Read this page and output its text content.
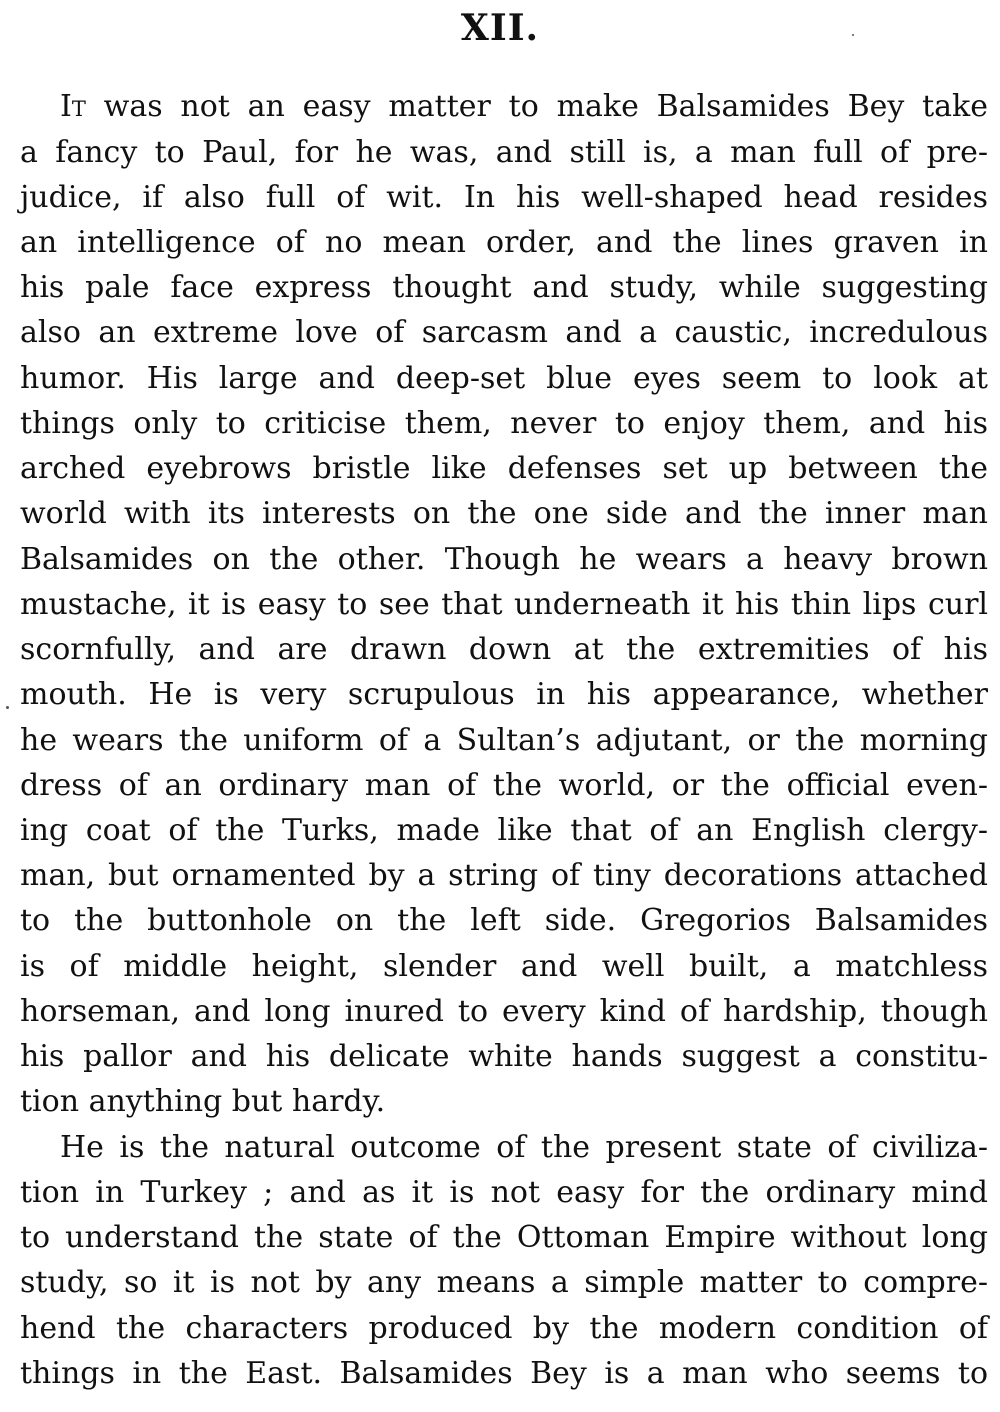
XII.
It was not an easy matter to make Balsamides Bey take
a fancy to Paul, for he was, and still is, a man full of pre-
judice, if also full of wit. In his well-shaped head resides
an intelligence of no mean order, and the lines graven in
his pale face express thought and study, while suggesting
also an extreme love of sarcasm and a caustic, incredulous
humor. His large and deep-set blue eyes seem to look at
things only to criticise them, never to enjoy them, and his
arched eyebrows bristle like defenses set up between the
world with its interests on the one side and the inner man
Balsamides on the other. Though he wears a heavy brown
mustache, it is easy to see that underneath it his thin lips curl
scornfully, and are drawn down at the extremities of his
mouth. He is very scrupulous in his appearance, whether
he wears the uniform of a Sultan’s adjutant, or the morning
dress of an ordinary man of the world, or the official even-
ing coat of the Turks, made like that of an English clergy-
man, but ornamented by a string of tiny decorations attached
to the buttonhole on the left side. Gregorios Balsamides
is of middle height, slender and well built, a matchless
horseman, and long inured to every kind of hardship, though
his pallor and his delicate white hands suggest a constitu-
tion anything but hardy.
He is the natural outcome of the present state of civiliza-
tion in Turkey ; and as it is not easy for the ordinary mind
to understand the state of the Ottoman Empire without long
study, so it is not by any means a simple matter to compre-
hend the characters produced by the modern condition of
things in the East. Balsamides Bey is a man who seems to
